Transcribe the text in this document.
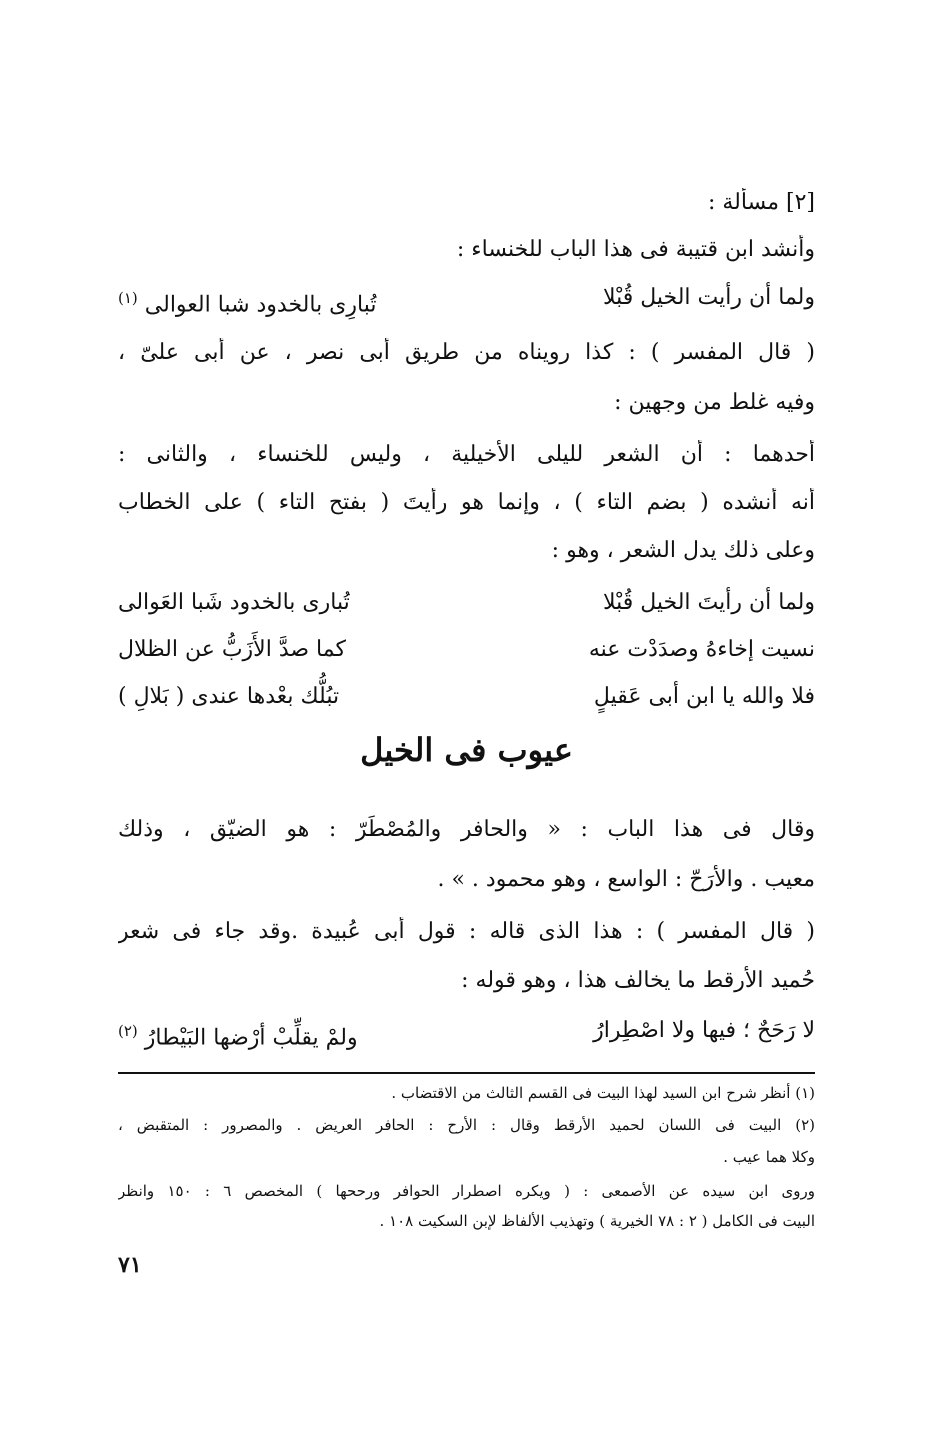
[٢] مسألة :
وأنشد ابن قتيبة فى هذا الباب للخنساء :
ولما أن رأيت الخيل قُبْلا
تُبارِى بالخدود شبا العوالى $^{(١)}$
( قال المفسر ) : كذا رويناه من طريق أبى نصر ، عن أبى علىّ ،
وفيه غلط من وجهين :
أحدهما : أن الشعر لليلى الأخيلية ، وليس للخنساء ، والثانى :
أنه أنشده ( بضم التاء ) ، وإنما هو رأيتَ ( بفتح التاء ) على الخطاب
وعلى ذلك يدل الشعر ، وهو :
ولما أن رأيتَ الخيل قُبْلا
تُبارى بالخدود شَبا العَوالى
نسيت إخاءهُ وصدَدْت عنه
كما صدَّ الأَزَبُّ عن الظلال
فلا والله يا ابن أبى عَقيلٍ
تبُلُّك بعْدها عندى ( بَلالِ )
عيوب فى الخيل
وقال فى هذا الباب : « والحافر والمُصْطَرّ : هو الضيّق ، وذلك
معيب . والأَرَحّ : الواسع ، وهو محمود . » .
( قال المفسر ) : هذا الذى قاله : قول أبى عُبيدة .وقد جاء فى شعر
حُميد الأرقط ما يخالف هذا ، وهو قوله :
لا رَحَحٌ ؛ فيها ولا اصْطِرارُ
ولمْ يقلِّبْ أرْضها البَيْطارُ $^{(٢)}$
(١) أنظر شرح ابن السيد لهذا البيت فى القسم الثالث من الاقتضاب .
(٢) البيت فى اللسان لحميد الأرقط وقال : الأرح : الحافر العريض . والمصرور : المتقبض ،
وكلا هما عيب .
وروى ابن سيده عن الأصمعى : ( ويكره اصطرار الحوافر ورححها ) المخصص ٦ : ١٥٠ وانظر
البيت فى الكامل ( ٢ : ٧٨ الخيرية ) وتهذيب الألفاظ لإبن السكيت ١٠٨ .
٧١
